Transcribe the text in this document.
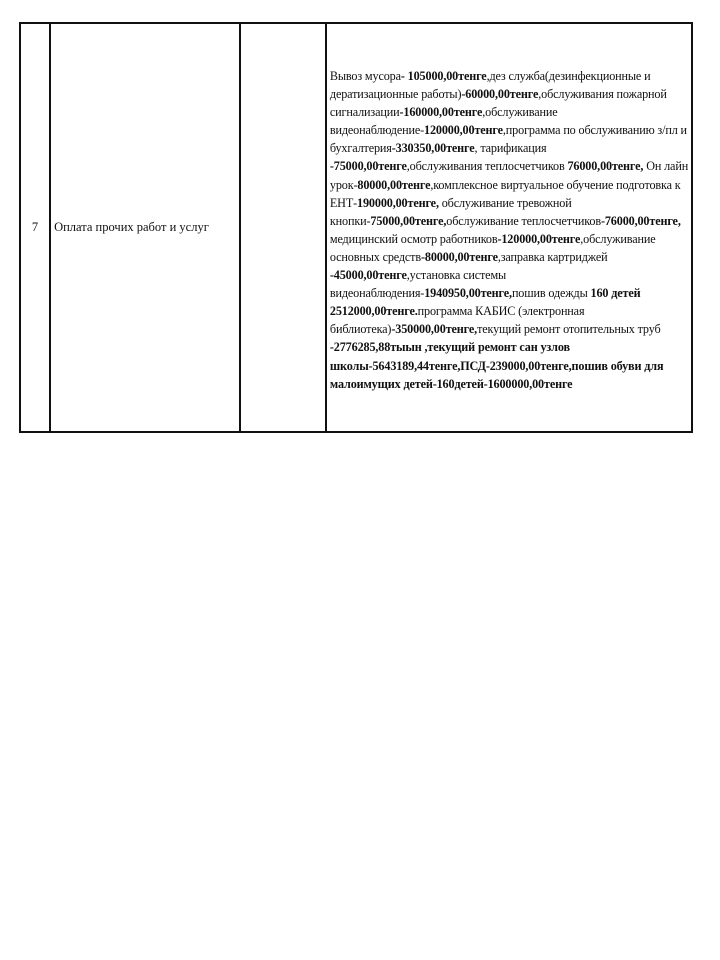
7	Оплата прочих работ и услуг		Вывоз мусора- 105000,00тенге,дез служба(дезинфекционные и дератизационные работы)-60000,00тенге,обслуживания пожарной сигнализации-160000,00тенге,обслуживание видеонаблюдение-120000,00тенге,программа по обслуживанию з/пл и бухгалтерия-330350,00тенге, тарификация -75000,00тенге,обслуживания теплосчетчиков 76000,00тенге, Он лайн урок-80000,00тенге,комплексное виртуальное обучение подготовка к ЕНТ-190000,00тенге, обслуживание тревожной кнопки-75000,00тенге,обслуживание теплосчетчиков-76000,00тенге, медицинский осмотр работников-120000,00тенге,обслуживание основных средств-80000,00тенге,заправка картриджей -45000,00тенге,установка системы видеонаблюдения-1940950,00тенге,пошив одежды 160 детей 2512000,00тенге.программа КАБИС (электронная библиотека)-350000,00тенге,текущий ремонт отопительных труб -2776285,88тыын ,текущий ремонт сан узлов школы-5643189,44тенге,ПСД-239000,00тенге,пошив обуви для малоимущих детей-160детей-1600000,00тенге
